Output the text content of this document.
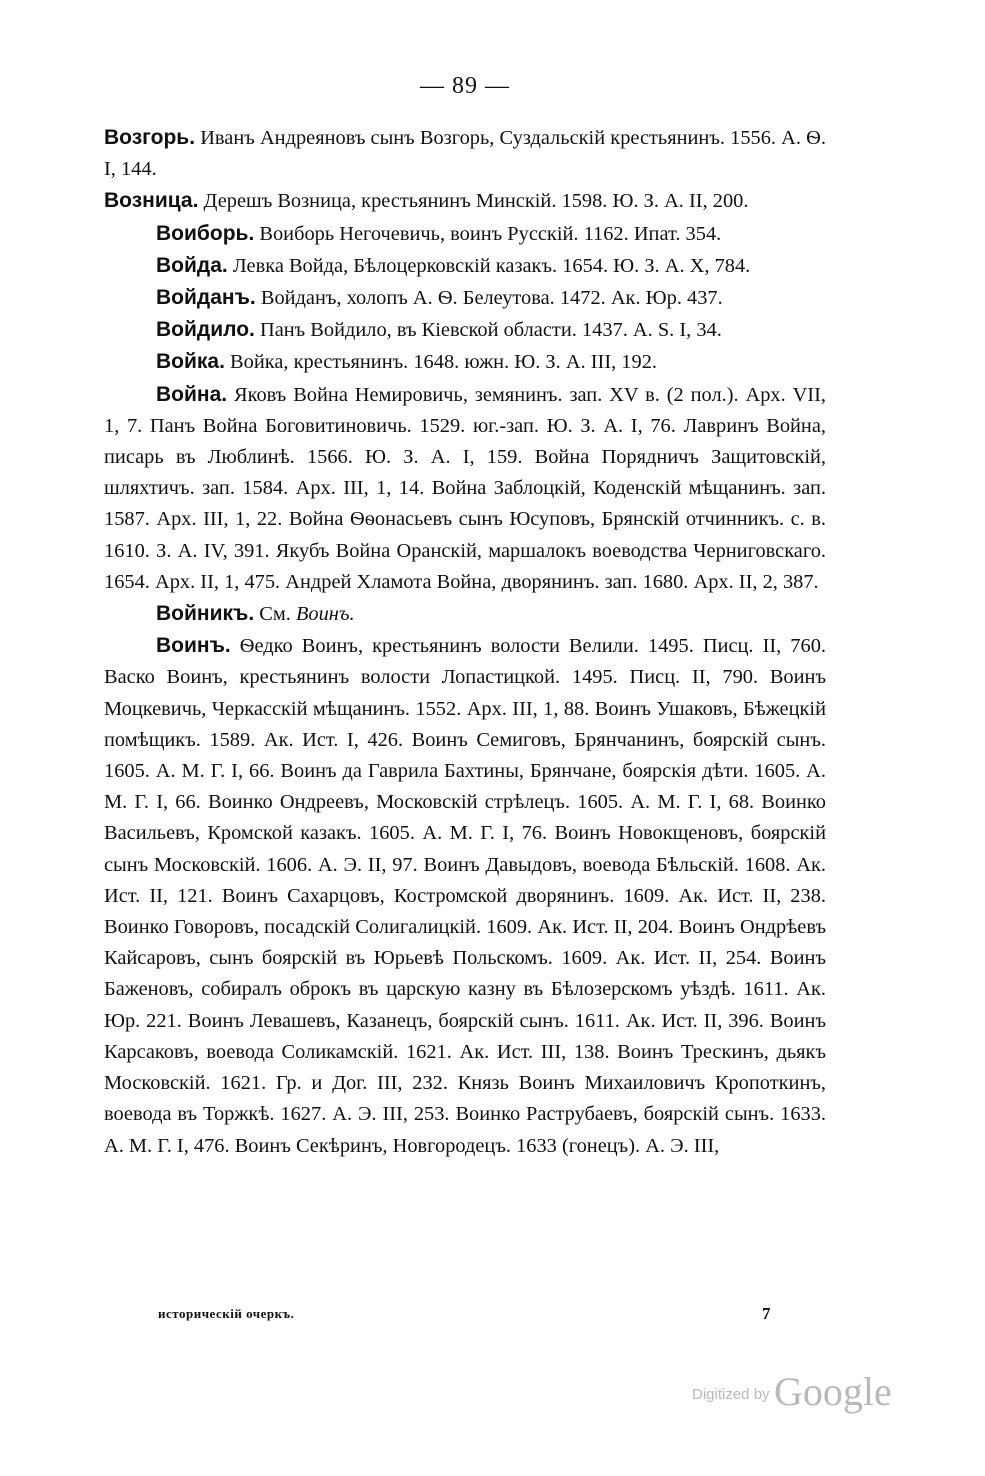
— 89 —

Возгорь. Иванъ Андреяновъ сынъ Возгорь, Суздальскій крестьянинъ. 1556. А. Ѳ. I, 144.

Возница. Дерешъ Возница, крестьянинъ Минскій. 1598. Ю. З. А. II, 200.

Воиборь. Воиборь Негочевичь, воинъ Русскій. 1162. Ипат. 354.

Войда. Левка Войда, Бѣлоцерковскій казакъ. 1654. Ю. З. А. X, 784.

Войданъ. Войданъ, холопъ А. Ѳ. Белеутова. 1472. Ак. Юр. 437.

Войдило. Панъ Войдило, въ Кіевской области. 1437. А. S. I, 34.

Войка. Войка, крестьянинъ. 1648. южн. Ю. З. А. III, 192.

Война. Яковъ Война Немировичь, земянинъ. зап. XV в. (2 пол.). Арх. VII, 1, 7. Панъ Война Боговитиновичь. 1529. юг.-зап. Ю. З. А. I, 76. Лавринъ Война, писарь въ Люблинѣ. 1566. Ю. З. А. I, 159. Война Порядничъ Защитовскій, шляхтичъ. зап. 1584. Арх. III, 1, 14. Война Заблоцкій, Коденскій мѣщанинъ. зап. 1587. Арх. III, 1, 22. Война Ѳѳонасьевъ сынъ Юсуповъ, Брянскій отчинникъ. с. в. 1610. З. А. IV, 391. Якубъ Война Оранскій, маршалокъ воеводства Черниговскаго. 1654. Арх. II, 1, 475. Андрей Хламота Война, дворянинъ. зап. 1680. Арх. II, 2, 387.

Войникъ. См. Воинъ.

Воинъ. Ѳедко Воинъ, крестьянинъ волости Велили. 1495. Писц. II, 760. Васко Воинъ, крестьянинъ волости Лопастицкой. 1495. Писц. II, 790. Воинъ Моцкевичь, Черкасскій мѣщанинъ. 1552. Арх. III, 1, 88. Воинъ Ушаковъ, Бѣжецкій помѣщикъ. 1589. Ак. Ист. I, 426. Воинъ Семиговъ, Брянчанинъ, боярскій сынъ. 1605. А. М. Г. I, 66. Воинъ да Гаврила Бахтины, Брянчане, боярскія дѣти. 1605. А. М. Г. I, 66. Воинко Ондреевъ, Московскій стрѣлецъ. 1605. А. М. Г. I, 68. Воинко Васильевъ, Кромской казакъ. 1605. А. М. Г. I, 76. Воинъ Новокщеновъ, боярскій сынъ Московскій. 1606. А. Э. II, 97. Воинъ Давыдовъ, воевода Бѣльскій. 1608. Ак. Ист. II, 121. Воинъ Сахарцовъ, Костромской дворянинъ. 1609. Ак. Ист. II, 238. Воинко Говоровъ, посадскій Солигалицкій. 1609. Ак. Ист. II, 204. Воинъ Ондрѣевъ Кайсаровъ, сынъ боярскій въ Юрьевѣ Польскомъ. 1609. Ак. Ист. II, 254. Воинъ Баженовъ, собиралъ оброкъ въ царскую казну въ Бѣлозерскомъ уѣздѣ. 1611. Ак. Юр. 221. Воинъ Левашевъ, Казанецъ, боярскій сынъ. 1611. Ак. Ист. II, 396. Воинъ Карсаковъ, воевода Соликамскій. 1621. Ак. Ист. III, 138. Воинъ Трескинъ, дьякъ Московскій. 1621. Гр. и Дог. III, 232. Князь Воинъ Михаиловичъ Кропоткинъ, воевода въ Торжкѣ. 1627. А. Э. III, 253. Воинко Раструбаевъ, боярскій сынъ. 1633. А. М. Г. I, 476. Воинъ Секѣринъ, Новгородецъ. 1633 (гонецъ). А. Э. III,

историческій очеркъ.	7
Digitized by Google
